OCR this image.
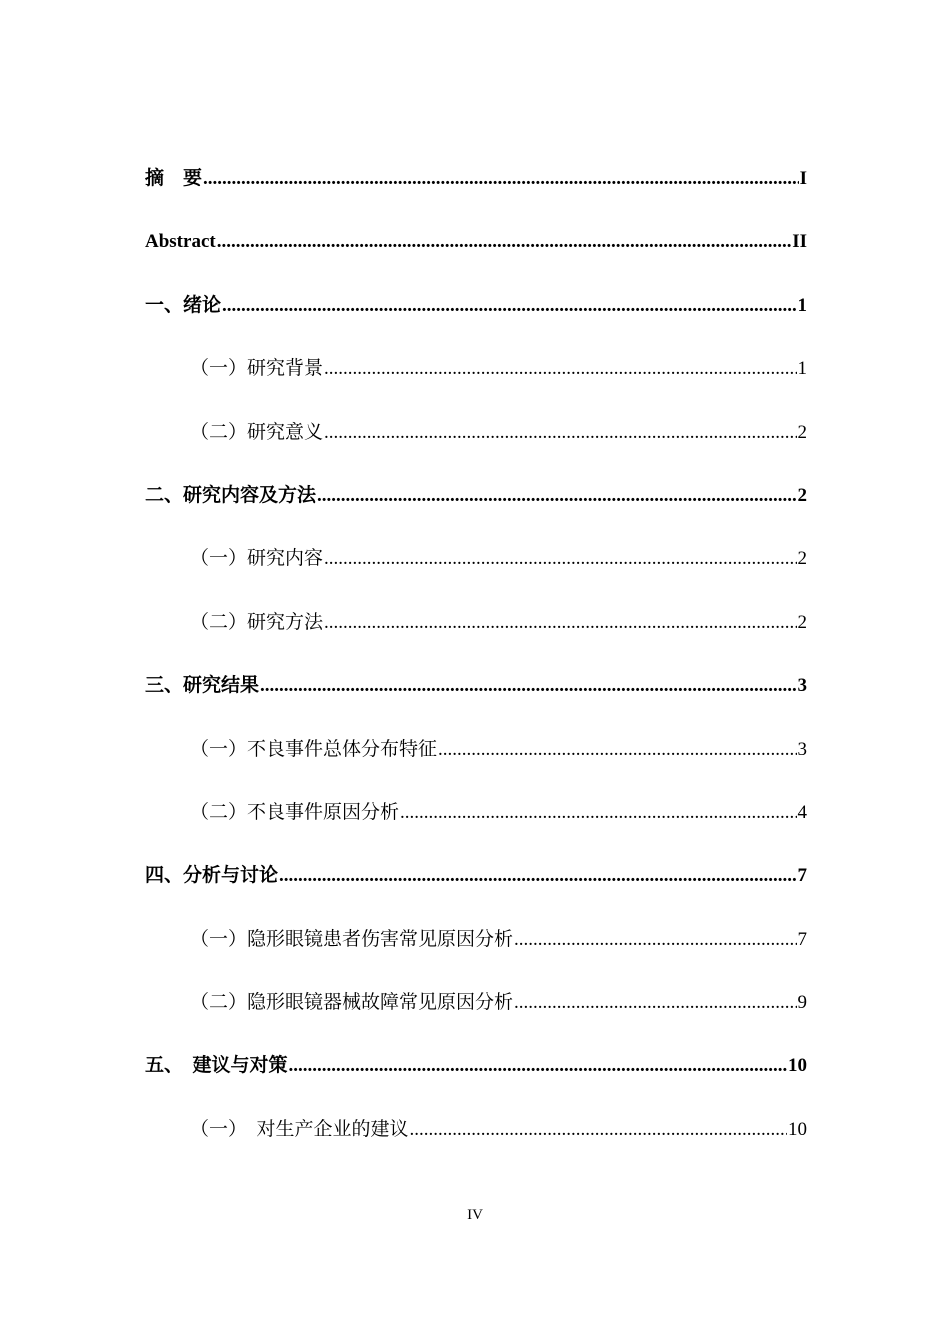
摘　要 .....	I
Abstract .....	II
一、绪论 .....	1
（一）研究背景 .....	1
（二）研究意义 .....	2
二、研究内容及方法 .....	2
（一）研究内容 .....	2
（二）研究方法 .....	2
三、研究结果 .....	3
（一）不良事件总体分布特征 .....	3
（二）不良事件原因分析 .....	4
四、分析与讨论 .....	7
（一）隐形眼镜患者伤害常见原因分析 .....	7
（二）隐形眼镜器械故障常见原因分析 .....	9
五、　建议与对策 .....	10
（一）　对生产企业的建议 .....	10
IV
